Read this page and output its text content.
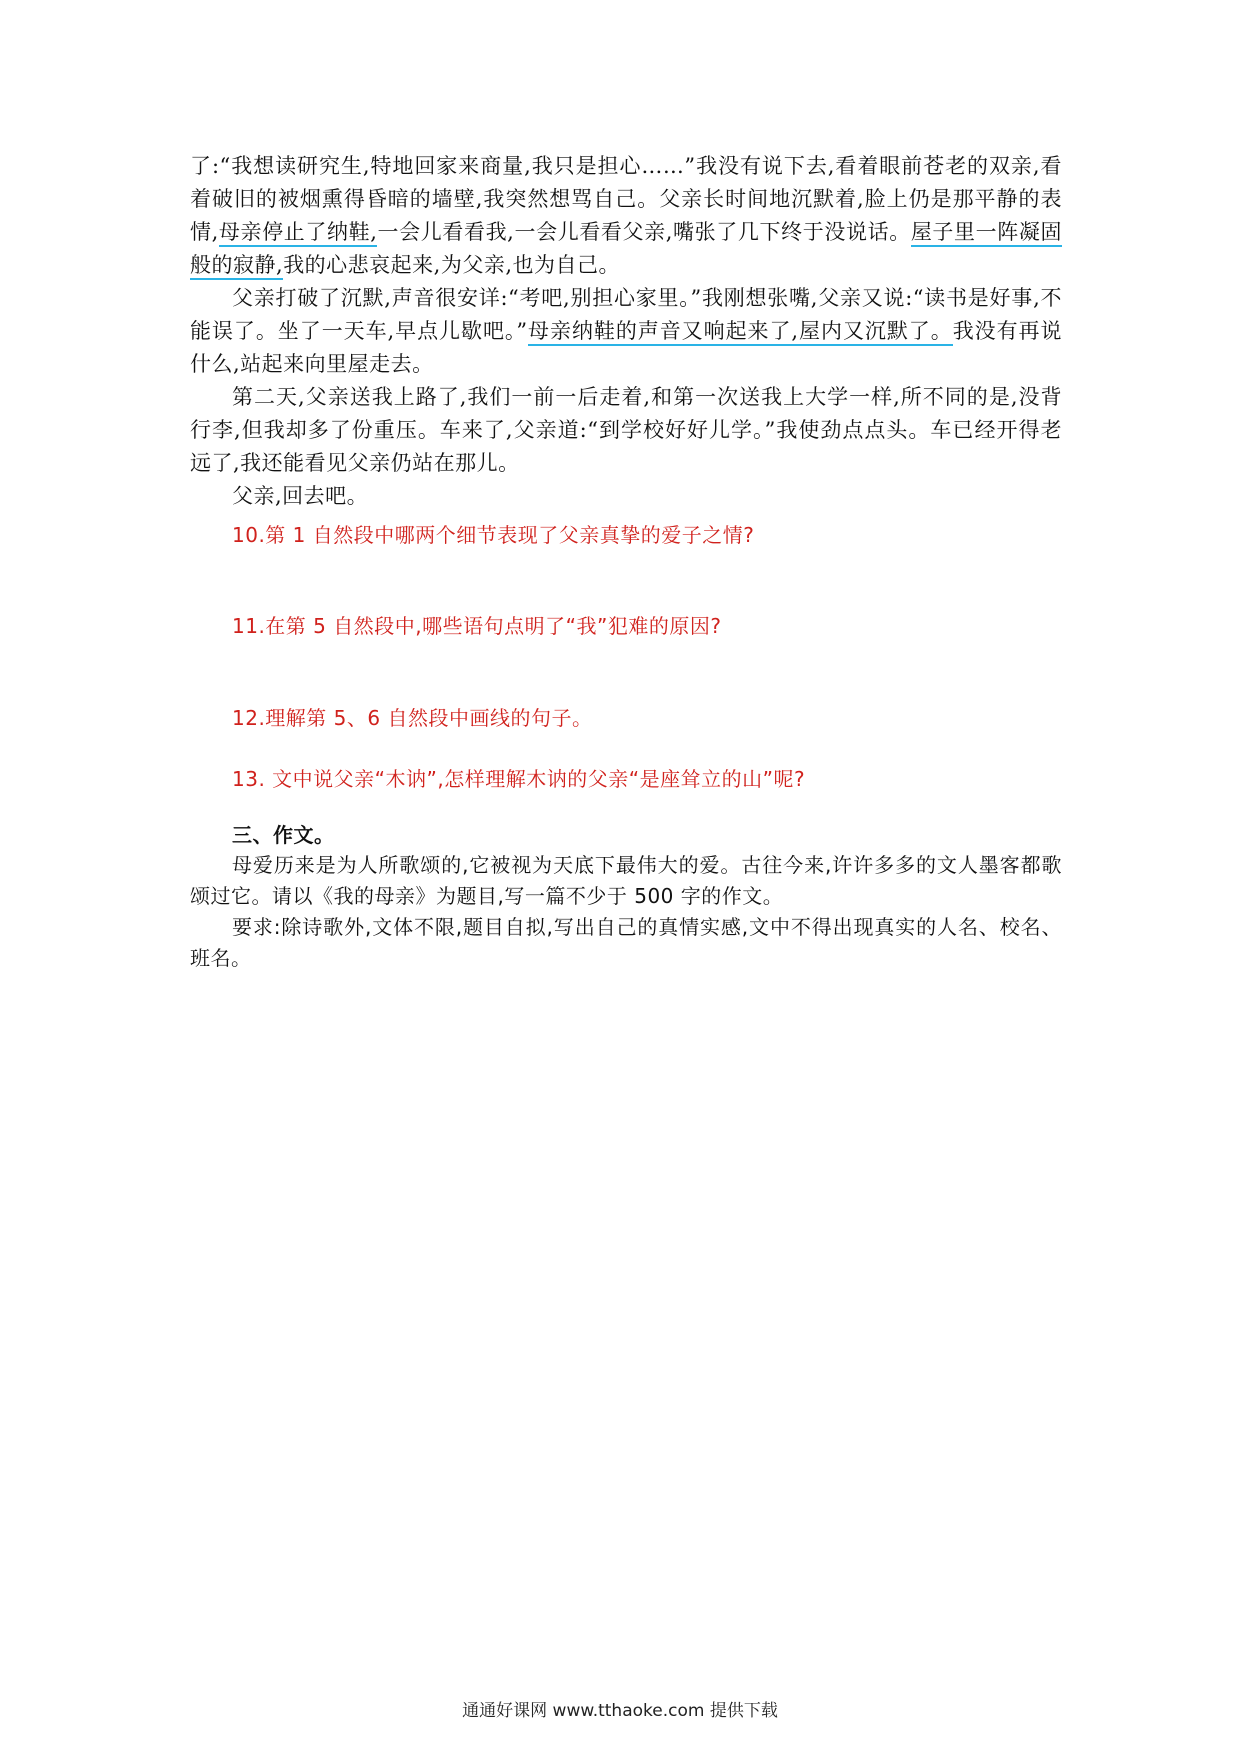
了:“我想读研究生,特地回家来商量,我只是担心……”我没有说下去,看着眼前苍老的双亲,看着破旧的被烟熏得昏暗的墙壁,我突然想骂自己。父亲长时间地沉默着,脸上仍是那平静的表情,母亲停止了纳鞋,一会儿看看我,一会儿看看父亲,嘴张了几下终于没说话。屋子里一阵凝固般的寂静,我的心悲哀起来,为父亲,也为自己。

父亲打破了沉默,声音很安详:“考吧,别担心家里。”我刚想张嘴,父亲又说:“读书是好事,不能误了。坐了一天车,早点儿歇吧。”母亲纳鞋的声音又响起来了,屋内又沉默了。我没有再说什么,站起来向里屋走去。

第二天,父亲送我上路了,我们一前一后走着,和第一次送我上大学一样,所不同的是,没背行李,但我却多了份重压。车来了,父亲道:“到学校好好儿学。”我使劲点点头。车已经开得老远了,我还能看见父亲仍站在那儿。

父亲,回去吧。

10.第 1 自然段中哪两个细节表现了父亲真挚的爱子之情?

11.在第 5 自然段中,哪些语句点明了“我”犯难的原因?

12.理解第 5、6 自然段中画线的句子。

13. 文中说父亲“木讷”,怎样理解木讷的父亲“是座耸立的山”呢?

三、作文。

母爱历来是为人所歌颂的,它被视为天底下最伟大的爱。古往今来,许许多多的文人墨客都歌颂过它。请以《我的母亲》为题目,写一篇不少于 500 字的作文。

要求:除诗歌外,文体不限,题目自拟,写出自己的真情实感,文中不得出现真实的人名、校名、班名。

通通好课网 www.tthaoke.com 提供下载
